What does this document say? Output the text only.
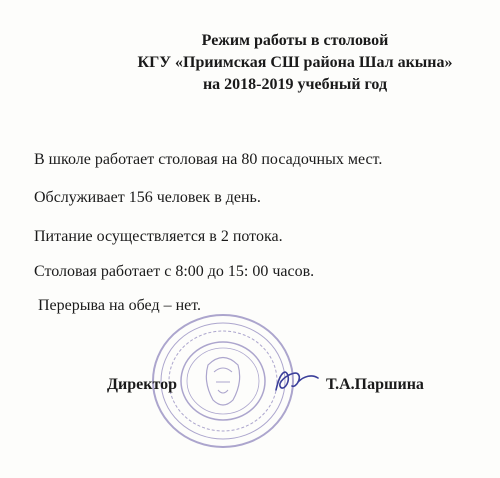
Режим работы в столовой
КГУ «Приимская СШ района Шал акына»
на 2018-2019 учебный год
В школе работает столовая на 80 посадочных мест.
Обслуживает 156 человек в день.
Питание осуществляется в 2 потока.
Столовая работает с 8:00 до 15: 00 часов.
Перерыва на обед – нет.
Директор	Т.А.Паршина
